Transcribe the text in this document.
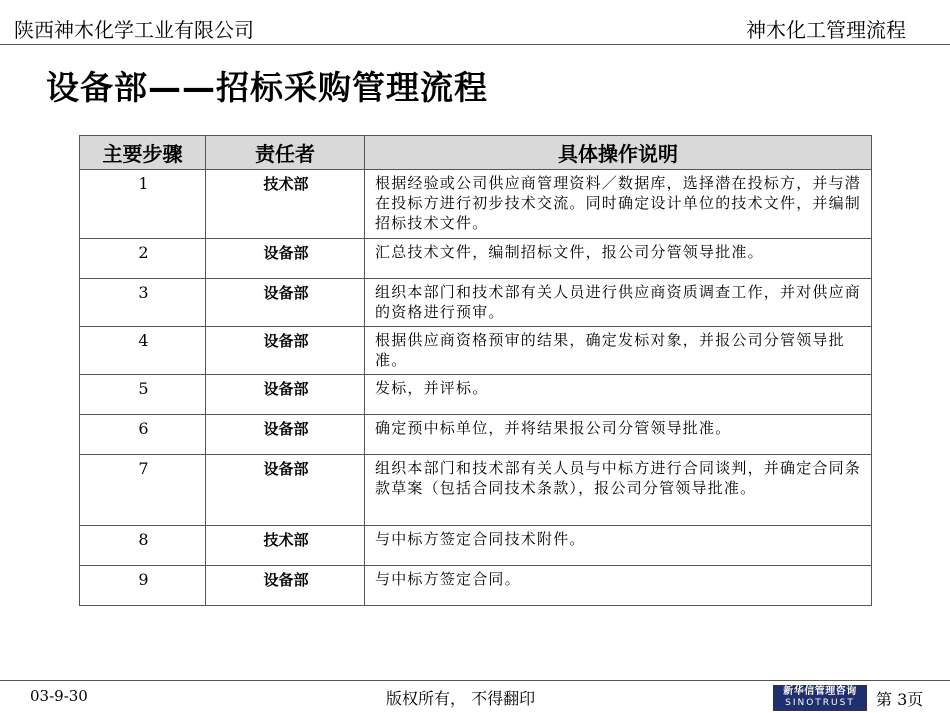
陕西神木化学工业有限公司	神木化工管理流程
设备部——招标采购管理流程
主要步骤	责任者	具体操作说明
1	技术部	根据经验或公司供应商管理资料／数据库，选择潜在投标方，并与潜在投标方进行初步技术交流。同时确定设计单位的技术文件，并编制招标技术文件。
2	设备部	汇总技术文件，编制招标文件，报公司分管领导批准。
3	设备部	组织本部门和技术部有关人员进行供应商资质调查工作，并对供应商的资格进行预审。
4	设备部	根据供应商资格预审的结果，确定发标对象，并报公司分管领导批准。
5	设备部	发标，并评标。
6	设备部	确定预中标单位，并将结果报公司分管领导批准。
7	设备部	组织本部门和技术部有关人员与中标方进行合同谈判，并确定合同条款草案（包括合同技术条款），报公司分管领导批准。
8	技术部	与中标方签定合同技术附件。
9	设备部	与中标方签定合同。
03-9-30	版权所有， 不得翻印	新华信管理咨询
SINOTRUST	第 3页
